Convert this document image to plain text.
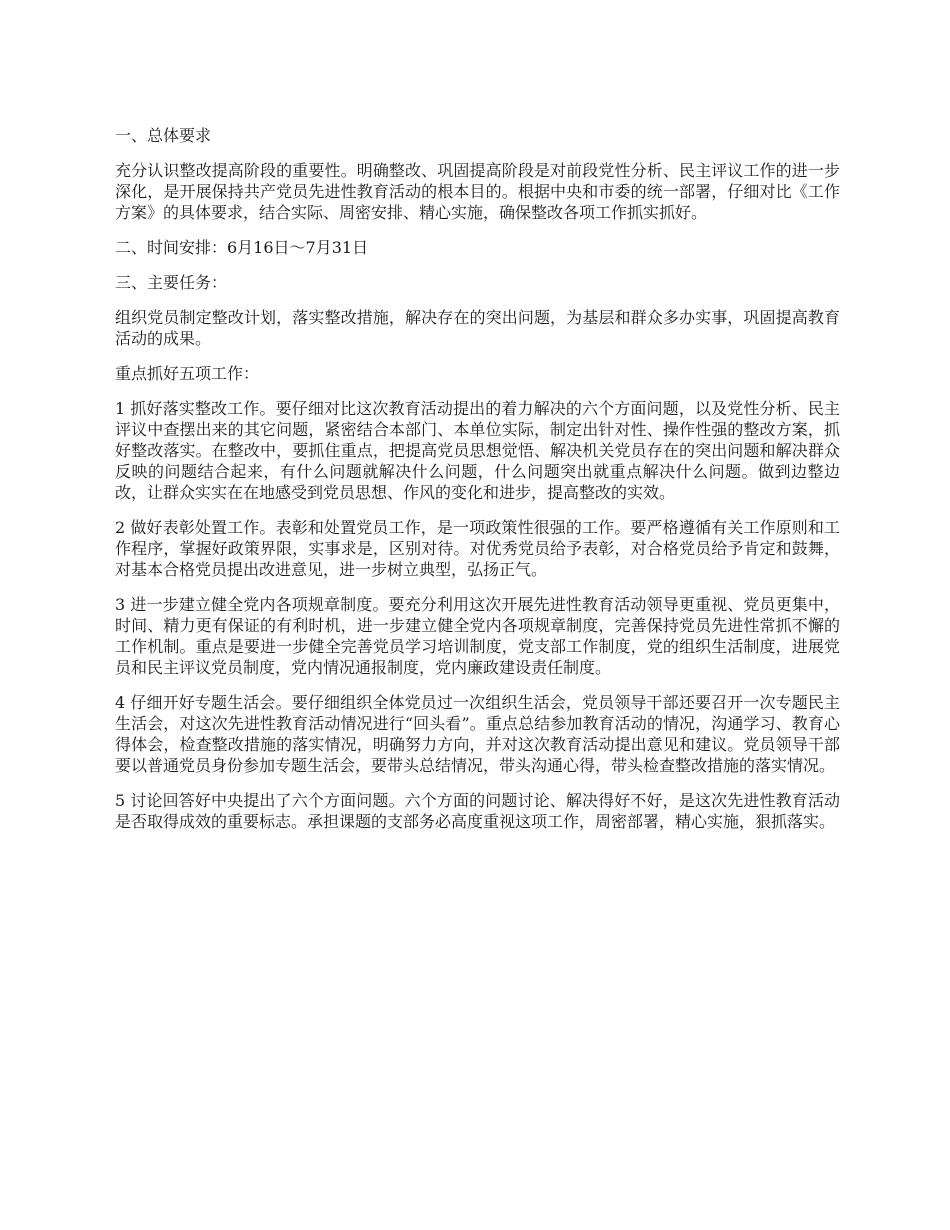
一、总体要求

充分认识整改提高阶段的重要性。明确整改、巩固提高阶段是对前段党性分析、民主评议工作的进一步深化，是开展保持共产党员先进性教育活动的根本目的。根据中央和市委的统一部署，仔细对比《工作方案》的具体要求，结合实际、周密安排、精心实施，确保整改各项工作抓实抓好。

二、时间安排：6月16日～7月31日

三、主要任务：

组织党员制定整改计划，落实整改措施，解决存在的突出问题，为基层和群众多办实事，巩固提高教育活动的成果。

重点抓好五项工作：

1 抓好落实整改工作。要仔细对比这次教育活动提出的着力解决的六个方面问题，以及党性分析、民主评议中查摆出来的其它问题，紧密结合本部门、本单位实际，制定出针对性、操作性强的整改方案，抓好整改落实。在整改中，要抓住重点，把提高党员思想觉悟、解决机关党员存在的突出问题和解决群众反映的问题结合起来，有什么问题就解决什么问题，什么问题突出就重点解决什么问题。做到边整边改，让群众实实在在地感受到党员思想、作风的变化和进步，提高整改的实效。

2 做好表彰处置工作。表彰和处置党员工作，是一项政策性很强的工作。要严格遵循有关工作原则和工作程序，掌握好政策界限，实事求是，区别对待。对优秀党员给予表彰，对合格党员给予肯定和鼓舞，对基本合格党员提出改进意见，进一步树立典型，弘扬正气。

3 进一步建立健全党内各项规章制度。要充分利用这次开展先进性教育活动领导更重视、党员更集中，时间、精力更有保证的有利时机，进一步建立健全党内各项规章制度，完善保持党员先进性常抓不懈的工作机制。重点是要进一步健全完善党员学习培训制度，党支部工作制度，党的组织生活制度，进展党员和民主评议党员制度，党内情况通报制度，党内廉政建设责任制度。

4 仔细开好专题生活会。要仔细组织全体党员过一次组织生活会，党员领导干部还要召开一次专题民主生活会，对这次先进性教育活动情况进行“回头看”。重点总结参加教育活动的情况，沟通学习、教育心得体会，检查整改措施的落实情况，明确努力方向，并对这次教育活动提出意见和建议。党员领导干部要以普通党员身份参加专题生活会，要带头总结情况，带头沟通心得，带头检查整改措施的落实情况。

5 讨论回答好中央提出了六个方面问题。六个方面的问题讨论、解决得好不好，是这次先进性教育活动是否取得成效的重要标志。承担课题的支部务必高度重视这项工作，周密部署，精心实施，狠抓落实。
